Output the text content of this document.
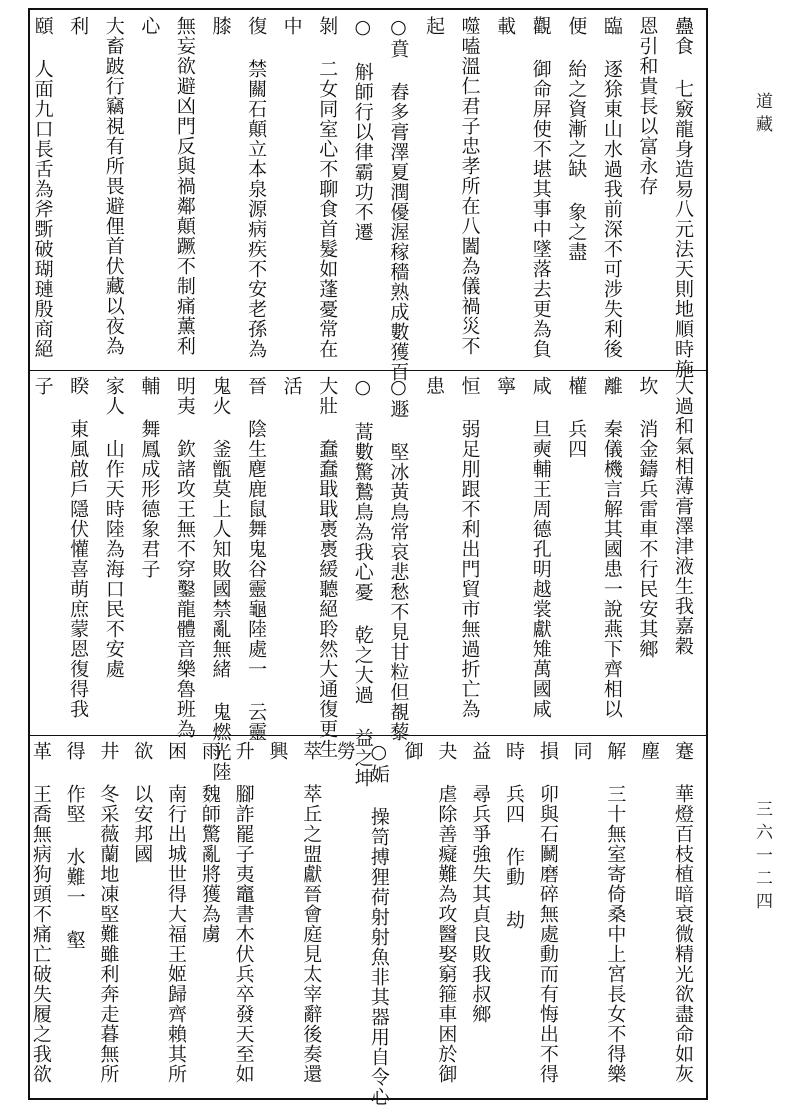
道藏
三六一二四
蠱食 七竅龍身造易八元法天則地順時施
恩引和貴長以富永存
臨 逐狳東山水過我前深不可涉失利後
便 紿之資漸之缺 象之盡
觀 御命屏使不堪其事中墜落去更為負
載
噬嗑溫仁君子忠孝所在八闔為儀禍災不
起
○賁 舂多膏澤夏潤優渥稼穡熟成數獲百
○ 斛師行以律霸功不遷
剝 二女同室心不聊食首髮如蓬憂常在
中
復 禁關石顛立本泉源病疾不安老孫為
膝
無妄欲避凶門反與禍鄰顛蹶不制痛薰利
心
大畜跛行竊視有所畏避俚首伏藏以夜為
利
頤 人面九口長舌為斧斲破瑚璉殷商絕
大過和氣相薄膏澤津液生我嘉穀
坎 消金鑄兵雷車不行民安其鄉
離 秦儀機言解其國患一說燕下齊相以
權 兵四
咸 旦奭輔王周德孔明越裳獻雉萬國咸
寧
恒 弱足刖跟不利出門貿市無過折亡為
患
○遯 堅冰黃鳥常哀悲愁不見甘粒但覩藜
○ 蒿數驚鷙鳥為我心憂 乾之大過 益之坤
大壯 蠢蠢戢戢褭褭緩聽絕聆然大通復更生
活
晉 陰生麀鹿鼠舞鬼谷靈龜陸處一 云靈
鬼火 釜甑莫上人知敗國禁亂無緒 鬼燃光陸
明夷 欽諸攻王無不穿鑿龍體音樂魯班為
輔 舞鳳成形德象君子
家人 山作天時陸為海口民不安處
睽 東風啟戶隱伏懽喜萌庶蒙恩復得我
子
蹇 華燈百枝植暗衰微精光欲盡命如灰
塵
解 三十無室寄倚桑中上宮長女不得樂
同
損 卯與石鬭磨碎無處動而有悔出不得
時 兵四 作動 劫
益 尋兵爭強失其貞良敗我叔鄉
夬 虐除善癡難為攻醫娶窮箍車困於御
御
○姤 操笥搏狸荷射射魚非其器用自令心
勞
萃 萃丘之盟獻晉會庭見太宰辭後奏還
興
升 腳詐罷子夷竈書木伏兵卒發天至如
雨 魏師驚亂將獲為虜
困 南行出城世得大福王姬歸齊賴其所
欲 以安邦國
井 冬采薇蘭地凍堅難雖利奔走暮無所
得 作堅 水難一 壑
革 王喬無病狗頭不痛亡破失履之我欲
